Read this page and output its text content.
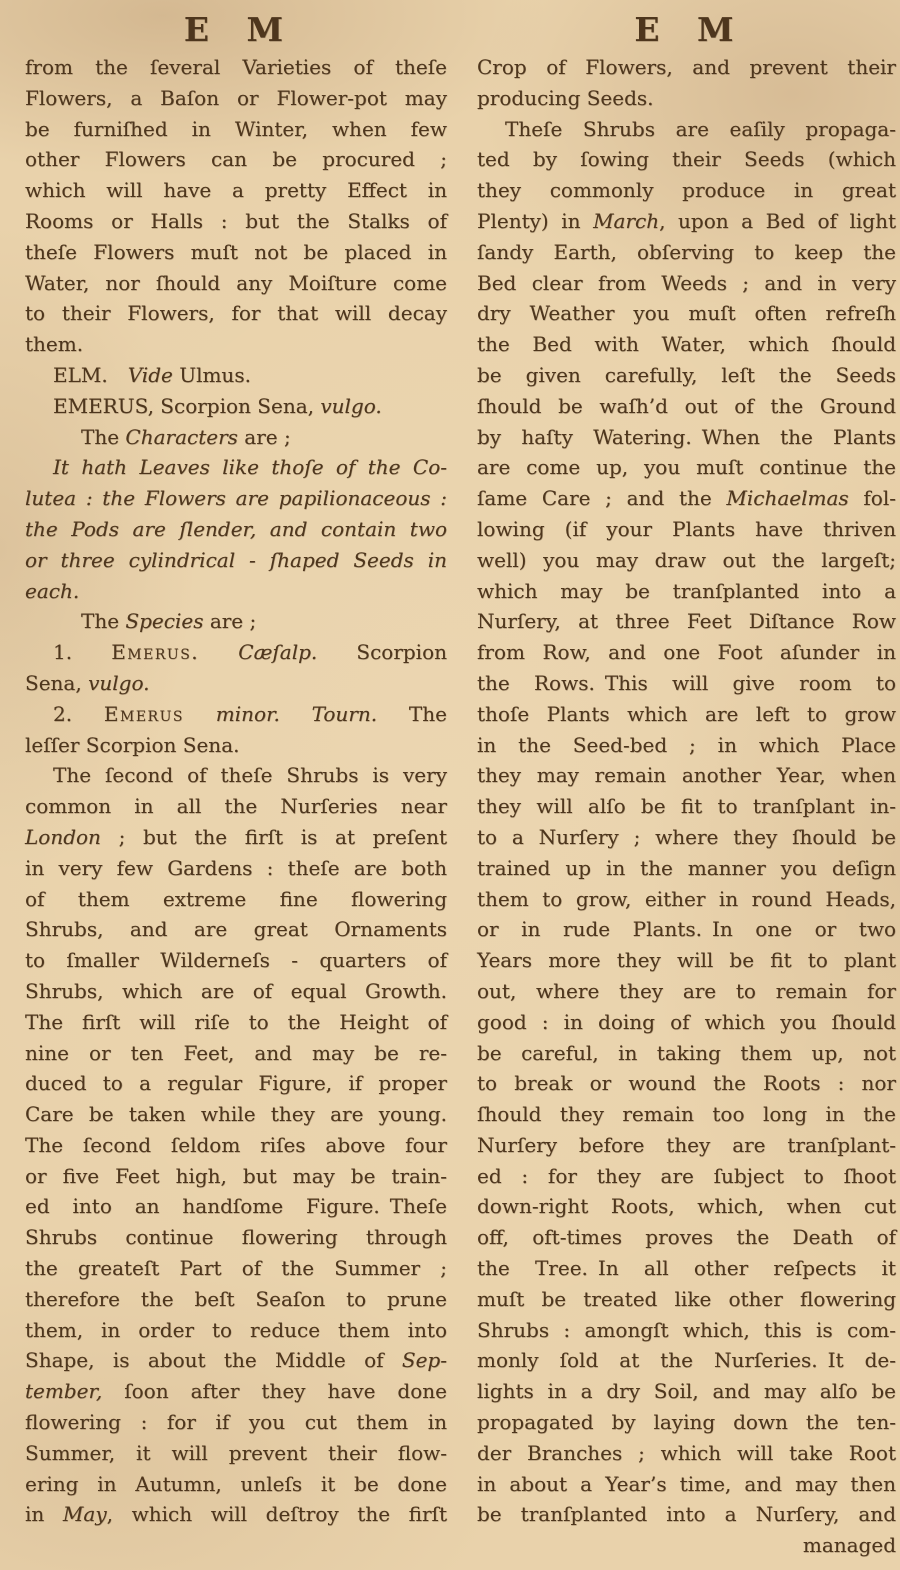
E M
from the ſeveral Varieties of theſe
Flowers, a Baſon or Flower-pot may
be furniſhed in Winter, when few
other Flowers can be procured ;
which will have a pretty Effect in
Rooms or Halls : but the Stalks of
theſe Flowers muſt not be placed in
Water, nor ſhould any Moiſture come
to their Flowers, for that will decay
them.
ELM. Vide Ulmus.
EMERUS, Scorpion Sena, vulgo.
The Characters are ;
It hath Leaves like thoſe of the Co-
lutea : the Flowers are papilionaceous :
the Pods are ſlender, and contain two
or three cylindrical - ſhaped Seeds in
each.
The Species are ;
1. Emerus. Cæſalp. Scorpion
Sena, vulgo.
2. Emerus minor. Tourn. The
leſſer Scorpion Sena.
The ſecond of theſe Shrubs is very
common in all the Nurſeries near
London ; but the firſt is at preſent
in very few Gardens : theſe are both
of them extreme fine flowering
Shrubs, and are great Ornaments
to ſmaller Wilderneſs - quarters of
Shrubs, which are of equal Growth.
The firſt will riſe to the Height of
nine or ten Feet, and may be re-
duced to a regular Figure, if proper
Care be taken while they are young.
The ſecond ſeldom riſes above four
or five Feet high, but may be train-
ed into an handſome Figure. Theſe
Shrubs continue flowering through
the greateſt Part of the Summer ;
therefore the beſt Seaſon to prune
them, in order to reduce them into
Shape, is about the Middle of Sep-
tember, ſoon after they have done
flowering : for if you cut them in
Summer, it will prevent their flow-
ering in Autumn, unleſs it be done
in May, which will deſtroy the firſt
E M
Crop of Flowers, and prevent their
producing Seeds.
Theſe Shrubs are eaſily propaga-
ted by ſowing their Seeds (which
they commonly produce in great
Plenty) in March, upon a Bed of light
ſandy Earth, obſerving to keep the
Bed clear from Weeds ; and in very
dry Weather you muſt often refreſh
the Bed with Water, which ſhould
be given carefully, leſt the Seeds
ſhould be waſh’d out of the Ground
by haſty Watering. When the Plants
are come up, you muſt continue the
ſame Care ; and the Michaelmas fol-
lowing (if your Plants have thriven
well) you may draw out the largeſt;
which may be tranſplanted into a
Nurſery, at three Feet Diſtance Row
from Row, and one Foot aſunder in
the Rows. This will give room to
thoſe Plants which are left to grow
in the Seed-bed ; in which Place
they may remain another Year, when
they will alſo be fit to tranſplant in-
to a Nurſery ; where they ſhould be
trained up in the manner you deſign
them to grow, either in round Heads,
or in rude Plants. In one or two
Years more they will be fit to plant
out, where they are to remain for
good : in doing of which you ſhould
be careful, in taking them up, not
to break or wound the Roots : nor
ſhould they remain too long in the
Nurſery before they are tranſplant-
ed : for they are ſubject to ſhoot
down-right Roots, which, when cut
off, oft-times proves the Death of
the Tree. In all other reſpects it
muſt be treated like other flowering
Shrubs : amongſt which, this is com-
monly ſold at the Nurſeries. It de-
lights in a dry Soil, and may alſo be
propagated by laying down the ten-
der Branches ; which will take Root
in about a Year’s time, and may then
be tranſplanted into a Nurſery, and
managed
